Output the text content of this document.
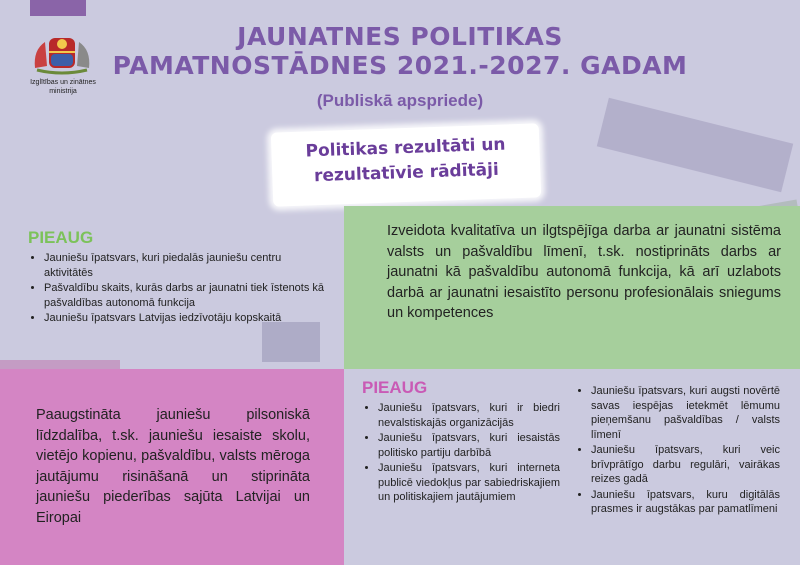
Izglītības un zinātnes
ministrija
JAUNATNES POLITIKAS
PAMATNOSTĀDNES 2021.-2027. GADAM
(Publiskā apspriede)
Politikas rezultāti un
rezultatīvie rādītāji
PIEAUG
• Jauniešu īpatsvars, kuri piedalās jauniešu centru aktivitātēs
• Pašvaldību skaits, kurās darbs ar jaunatni tiek īstenots kā pašvaldības autonomā funkcija
• Jauniešu īpatsvars Latvijas iedzīvotāju kopskaitā
Izveidota kvalitatīva un ilgtspējīga darba ar jaunatni sistēma valsts un pašvaldību līmenī, t.sk. nostiprināts darbs ar jaunatni kā pašvaldību autonomā funkcija, kā arī uzlabots darbā ar jaunatni iesaistīto personu profesionālais sniegums un kompetences
Paaugstināta jauniešu pilsoniskā līdzdalība, t.sk. jauniešu iesaiste skolu, vietējo kopienu, pašvaldību, valsts mēroga jautājumu risināšanā un stiprināta jauniešu piederības sajūta Latvijai un Eiropai
PIEAUG
• Jauniešu īpatsvars, kuri ir biedri nevalstiskajās organizācijās
• Jauniešu īpatsvars, kuri iesaistās politisko partiju darbībā
• Jauniešu īpatsvars, kuri interneta publicē viedokļus par sabiedriskajiem un politiskajiem jautājumiem
• Jauniešu īpatsvars, kuri augsti novērtē savas iespējas ietekmēt lēmumu pieņemšanu pašvaldības / valsts līmenī
• Jauniešu īpatsvars, kuri veic brīvprātīgo darbu regulāri, vairākas reizes gadā
• Jauniešu īpatsvars, kuru digitālās prasmes ir augstākas par pamatlīmeni
